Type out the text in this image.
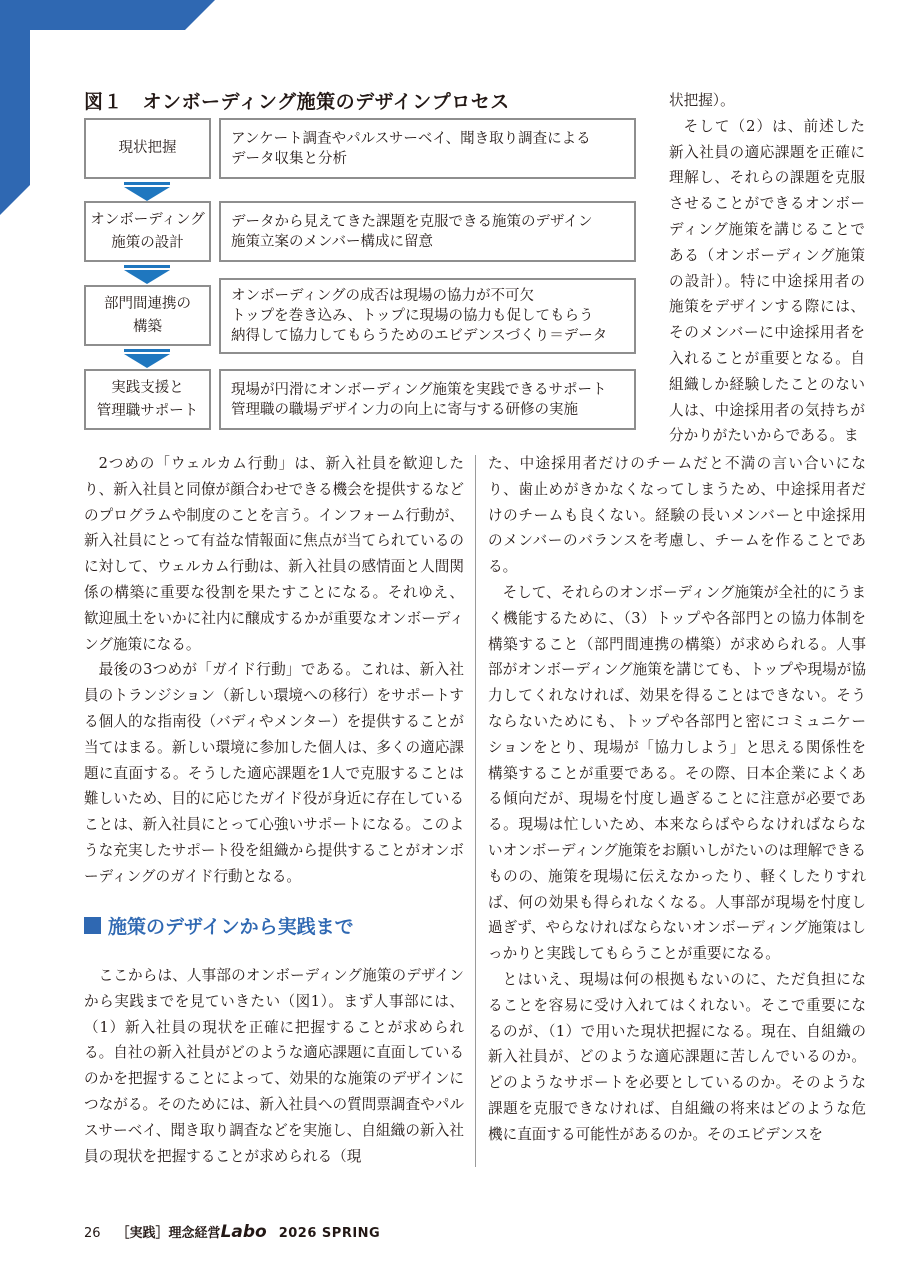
図１　オンボーディング施策のデザインプロセス
現状把握
アンケート調査やパルスサーベイ、聞き取り調査による
データ収集と分析
オンボーディング
施策の設計
データから見えてきた課題を克服できる施策のデザイン
施策立案のメンバー構成に留意
部門間連携の
構築
オンボーディングの成否は現場の協力が不可欠
トップを巻き込み、トップに現場の協力も促してもらう
納得して協力してもらうためのエビデンスづくり＝データ
実践支援と
管理職サポート
現場が円滑にオンボーディング施策を実践できるサポート
管理職の職場デザイン力の向上に寄与する研修の実施

状把握）。

そして（2）は、前述した新入社員の適応課題を正確に理解し、それらの課題を克服させることができるオンボーディング施策を講じることである（オンボーディング施策の設計）。特に中途採用者の施策をデザインする際には、そのメンバーに中途採用者を入れることが重要となる。自組織しか経験したことのない人は、中途採用者の気持ちが分かりがたいからである。ま

2つめの「ウェルカム行動」は、新入社員を歓迎したり、新入社員と同僚が顔合わせできる機会を提供するなどのプログラムや制度のことを言う。インフォーム行動が、新入社員にとって有益な情報面に焦点が当てられているのに対して、ウェルカム行動は、新入社員の感情面と人間関係の構築に重要な役割を果たすことになる。それゆえ、歓迎風土をいかに社内に醸成するかが重要なオンボーディング施策になる。

最後の3つめが「ガイド行動」である。これは、新入社員のトランジション（新しい環境への移行）をサポートする個人的な指南役（バディやメンター）を提供することが当てはまる。新しい環境に参加した個人は、多くの適応課題に直面する。そうした適応課題を1人で克服することは難しいため、目的に応じたガイド役が身近に存在していることは、新入社員にとって心強いサポートになる。このような充実したサポート役を組織から提供することがオンボーディングのガイド行動となる。

施策のデザインから実践まで

ここからは、人事部のオンボーディング施策のデザインから実践までを見ていきたい（図1）。まず人事部には、（1）新入社員の現状を正確に把握することが求められる。自社の新入社員がどのような適応課題に直面しているのかを把握することによって、効果的な施策のデザインにつながる。そのためには、新入社員への質問票調査やパルスサーベイ、聞き取り調査などを実施し、自組織の新入社員の現状を把握することが求められる（現

た、中途採用者だけのチームだと不満の言い合いになり、歯止めがきかなくなってしまうため、中途採用者だけのチームも良くない。経験の長いメンバーと中途採用のメンバーのバランスを考慮し、チームを作ることである。

そして、それらのオンボーディング施策が全社的にうまく機能するために、（3）トップや各部門との協力体制を構築すること（部門間連携の構築）が求められる。人事部がオンボーディング施策を講じても、トップや現場が協力してくれなければ、効果を得ることはできない。そうならないためにも、トップや各部門と密にコミュニケーションをとり、現場が「協力しよう」と思える関係性を構築することが重要である。その際、日本企業によくある傾向だが、現場を忖度し過ぎることに注意が必要である。現場は忙しいため、本来ならばやらなければならないオンボーディング施策をお願いしがたいのは理解できるものの、施策を現場に伝えなかったり、軽くしたりすれば、何の効果も得られなくなる。人事部が現場を忖度し過ぎず、やらなければならないオンボーディング施策はしっかりと実践してもらうことが重要になる。

とはいえ、現場は何の根拠もないのに、ただ負担になることを容易に受け入れてはくれない。そこで重要になるのが、（1）で用いた現状把握になる。現在、自組織の新入社員が、どのような適応課題に苦しんでいるのか。どのようなサポートを必要としているのか。そのような課題を克服できなければ、自組織の将来はどのような危機に直面する可能性があるのか。そのエビデンスを

26 ［実践］理念経営 Labo 2026 SPRING
